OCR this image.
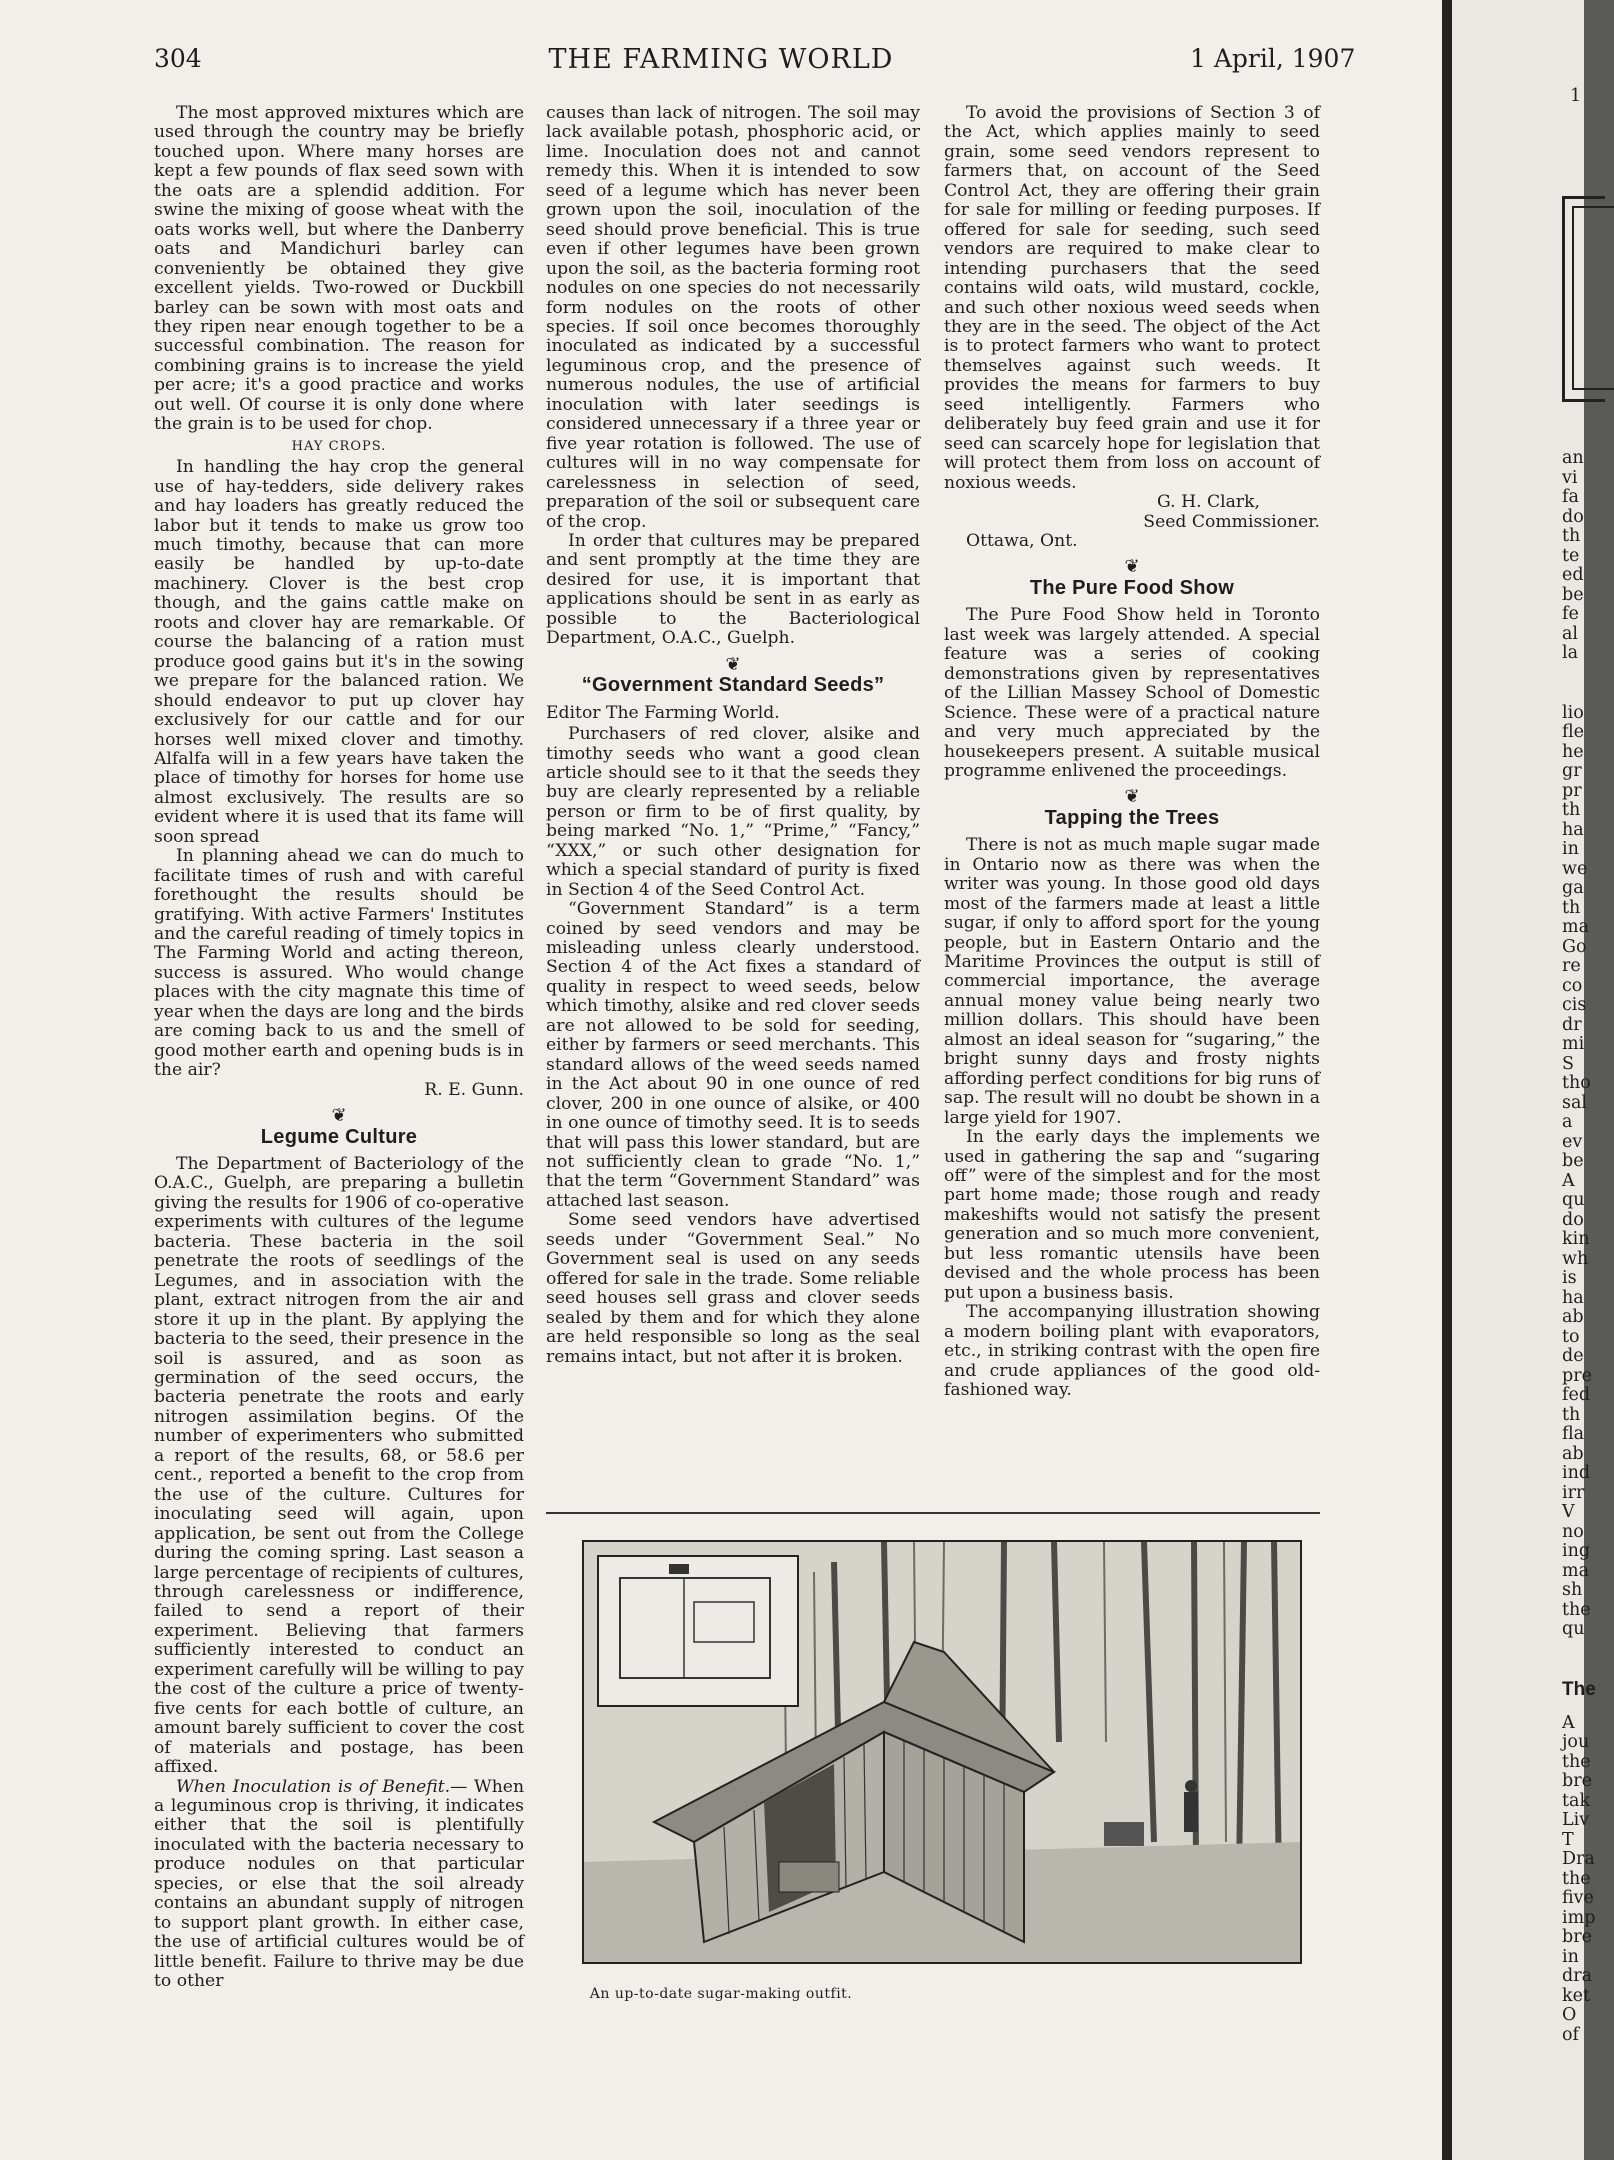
304	THE FARMING WORLD	1 April, 1907

The most approved mixtures which are used through the country may be briefly touched upon. Where many horses are kept a few pounds of flax seed sown with the oats are a splendid addition. For swine the mixing of goose wheat with the oats works well, but where the Danberry oats and Mandichuri barley can conveniently be obtained they give excellent yields. Two-rowed or Duckbill barley can be sown with most oats and they ripen near enough together to be a successful combination. The reason for combining grains is to increase the yield per acre; it's a good practice and works out well. Of course it is only done where the grain is to be used for chop.

HAY CROPS.

In handling the hay crop the general use of hay-tedders, side delivery rakes and hay loaders has greatly reduced the labor but it tends to make us grow too much timothy, because that can more easily be handled by up-to-date machinery. Clover is the best crop though, and the gains cattle make on roots and clover hay are remarkable. Of course the balancing of a ration must produce good gains but it's in the sowing we prepare for the balanced ration. We should endeavor to put up clover hay exclusively for our cattle and for our horses well mixed clover and timothy. Alfalfa will in a few years have taken the place of timothy for horses for home use almost exclusively. The results are so evident where it is used that its fame will soon spread

In planning ahead we can do much to facilitate times of rush and with careful forethought the results should be gratifying. With active Farmers' Institutes and the careful reading of timely topics in The Farming World and acting thereon, success is assured. Who would change places with the city magnate this time of year when the days are long and the birds are coming back to us and the smell of good mother earth and opening buds is in the air?

R. E. Gunn.

❦

Legume Culture

The Department of Bacteriology of the O.A.C., Guelph, are preparing a bulletin giving the results for 1906 of co-operative experiments with cultures of the legume bacteria. These bacteria in the soil penetrate the roots of seedlings of the Legumes, and in association with the plant, extract nitrogen from the air and store it up in the plant. By applying the bacteria to the seed, their presence in the soil is assured, and as soon as germination of the seed occurs, the bacteria penetrate the roots and early nitrogen assimilation begins. Of the number of experimenters who submitted a report of the results, 68, or 58.6 per cent., reported a benefit to the crop from the use of the culture. Cultures for inoculating seed will again, upon application, be sent out from the College during the coming spring. Last season a large percentage of recipients of cultures, through carelessness or indifference, failed to send a report of their experiment. Believing that farmers sufficiently interested to conduct an experiment carefully will be willing to pay the cost of the culture a price of twenty-five cents for each bottle of culture, an amount barely sufficient to cover the cost of materials and postage, has been affixed.

When Inoculation is of Benefit.— When a leguminous crop is thriving, it indicates either that the soil is plentifully inoculated with the bacteria necessary to produce nodules on that particular species, or else that the soil already contains an abundant supply of nitrogen to support plant growth. In either case, the use of artificial cultures would be of little benefit. Failure to thrive may be due to other

causes than lack of nitrogen. The soil may lack available potash, phosphoric acid, or lime. Inoculation does not and cannot remedy this. When it is intended to sow seed of a legume which has never been grown upon the soil, inoculation of the seed should prove beneficial. This is true even if other legumes have been grown upon the soil, as the bacteria forming root nodules on one species do not necessarily form nodules on the roots of other species. If soil once becomes thoroughly inoculated as indicated by a successful leguminous crop, and the presence of numerous nodules, the use of artificial inoculation with later seedings is considered unnecessary if a three year or five year rotation is followed. The use of cultures will in no way compensate for carelessness in selection of seed, preparation of the soil or subsequent care of the crop.

In order that cultures may be prepared and sent promptly at the time they are desired for use, it is important that applications should be sent in as early as possible to the Bacteriological Department, O.A.C., Guelph.

❦

“Government Standard Seeds”

Editor The Farming World.

Purchasers of red clover, alsike and timothy seeds who want a good clean article should see to it that the seeds they buy are clearly represented by a reliable person or firm to be of first quality, by being marked “No. 1,” “Prime,” “Fancy,” “XXX,” or such other designation for which a special standard of purity is fixed in Section 4 of the Seed Control Act.

“Government Standard” is a term coined by seed vendors and may be misleading unless clearly understood. Section 4 of the Act fixes a standard of quality in respect to weed seeds, below which timothy, alsike and red clover seeds are not allowed to be sold for seeding, either by farmers or seed merchants. This standard allows of the weed seeds named in the Act about 90 in one ounce of red clover, 200 in one ounce of alsike, or 400 in one ounce of timothy seed. It is to seeds that will pass this lower standard, but are not sufficiently clean to grade “No. 1,” that the term “Government Standard” was attached last season.

Some seed vendors have advertised seeds under “Government Seal.” No Government seal is used on any seeds offered for sale in the trade. Some reliable seed houses sell grass and clover seeds sealed by them and for which they alone are held responsible so long as the seal remains intact, but not after it is broken.

To avoid the provisions of Section 3 of the Act, which applies mainly to seed grain, some seed vendors represent to farmers that, on account of the Seed Control Act, they are offering their grain for sale for milling or feeding purposes. If offered for sale for seeding, such seed vendors are required to make clear to intending purchasers that the seed contains wild oats, wild mustard, cockle, and such other noxious weed seeds when they are in the seed. The object of the Act is to protect farmers who want to protect themselves against such weeds. It provides the means for farmers to buy seed intelligently. Farmers who deliberately buy feed grain and use it for seed can scarcely hope for legislation that will protect them from loss on account of noxious weeds.

G. H. Clark,

Seed Commissioner.

Ottawa, Ont.

❦

The Pure Food Show

The Pure Food Show held in Toronto last week was largely attended. A special feature was a series of cooking demonstrations given by representatives of the Lillian Massey School of Domestic Science. These were of a practical nature and very much appreciated by the housekeepers present. A suitable musical programme enlivened the proceedings.

❦

Tapping the Trees

There is not as much maple sugar made in Ontario now as there was when the writer was young. In those good old days most of the farmers made at least a little sugar, if only to afford sport for the young people, but in Eastern Ontario and the Maritime Provinces the output is still of commercial importance, the average annual money value being nearly two million dollars. This should have been almost an ideal season for “sugaring,” the bright sunny days and frosty nights affording perfect conditions for big runs of sap. The result will no doubt be shown in a large yield for 1907.

In the early days the implements we used in gathering the sap and “sugaring off” were of the simplest and for the most part home made; those rough and ready makeshifts would not satisfy the present generation and so much more convenient, but less romantic utensils have been devised and the whole process has been put upon a business basis.

The accompanying illustration showing a modern boiling plant with evaporators, etc., in striking contrast with the open fire and crude appliances of the good old-fashioned way.

An up-to-date sugar-making outfit.
1
an
vi
fa
do
th
te
ed
be
fe
al
la
lio
fle
he
gr
pr
th
ha
in
we
ga
th
ma
Go
re
co
cis
dr
mi
S
tho
sal
a
ev
be
A
qu
do
kin
wh
is
ha
ab
to
de
pre
fed
th
fla
ab
ind
irr
V
no
ing
ma
sh
the
qu
The
A
jou
the
bre
tak
Liv
T
Dra
the
five
imp
bre
in
dra
ket
O
of
